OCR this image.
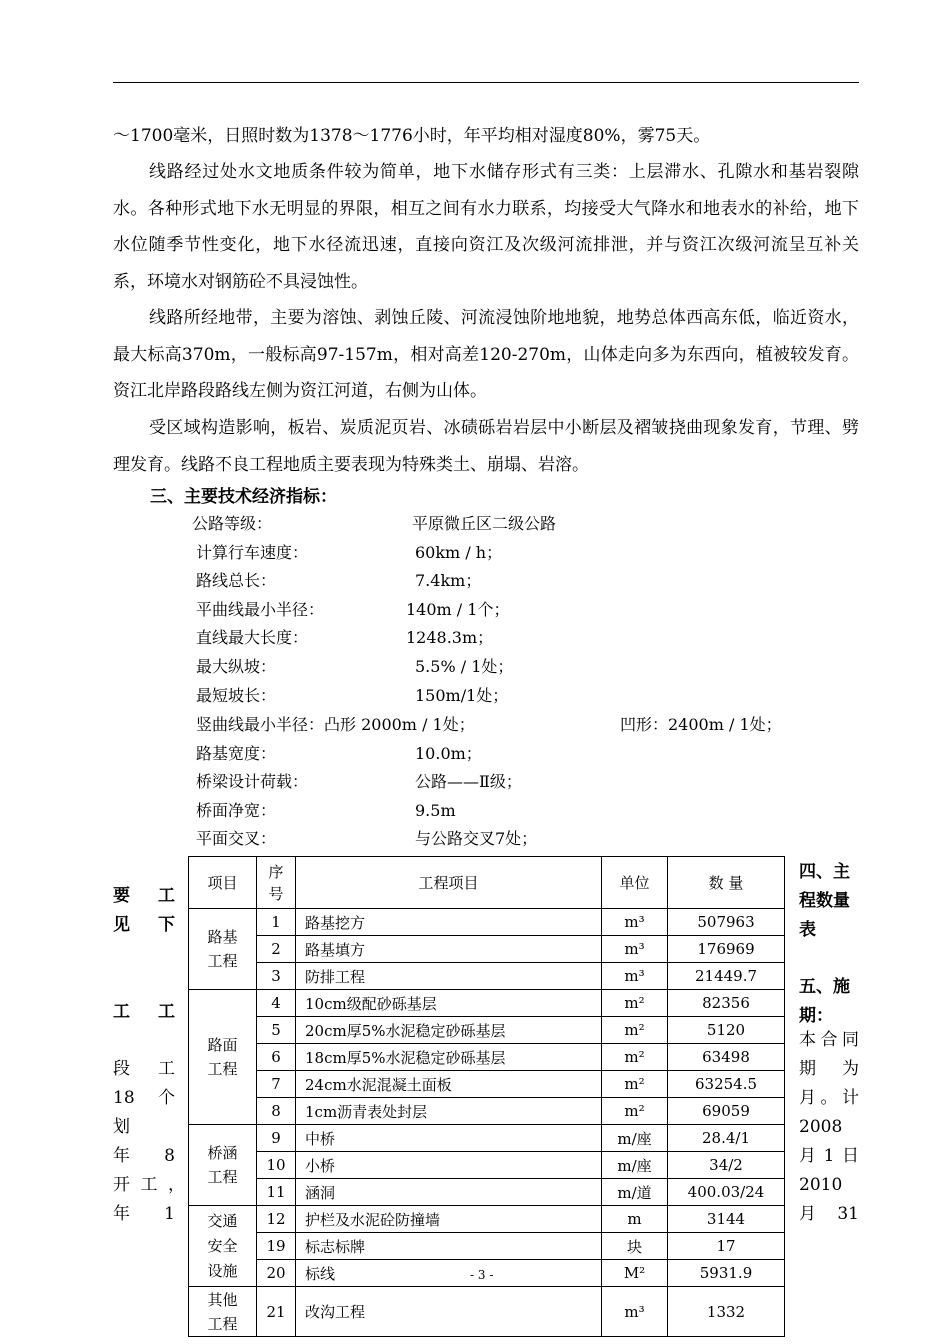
～1700毫米，日照时数为1378～1776小时，年平均相对湿度80%，雾75天。

线路经过处水文地质条件较为简单，地下水储存形式有三类：上层滞水、孔隙水和基岩裂隙水。各种形式地下水无明显的界限，相互之间有水力联系，均接受大气降水和地表水的补给，地下水位随季节性变化，地下水径流迅速，直接向资江及次级河流排泄，并与资江次级河流呈互补关系，环境水对钢筋砼不具浸蚀性。

线路所经地带，主要为溶蚀、剥蚀丘陵、河流浸蚀阶地地貌，地势总体西高东低，临近资水，最大标高370m，一般标高97-157m，相对高差120-270m，山体走向多为东西向，植被较发育。资江北岸路段路线左侧为资江河道，右侧为山体。

受区域构造影响，板岩、炭质泥页岩、冰碛砾岩岩层中小断层及褶皱挠曲现象发育，节理、劈理发育。线路不良工程地质主要表现为特殊类土、崩塌、岩溶。

三、主要技术经济指标：
公路等级：	平原微丘区二级公路
计算行车速度：	60km / h；
路线总长：	7.4km；
平曲线最小半径：	140m / 1个；
直线最大长度：	1248.3m；
最大纵坡：	5.5% / 1处；
最短坡长：	150m/1处；
竖曲线最小半径：凸形 2000m / 1处；	凹形：2400m / 1处；
路基宽度：	10.0m；
桥梁设计荷载：	公路——Ⅱ级；
桥面净宽：	9.5m
平面交叉：	与公路交叉7处；
要 工
见 下
工 工
段 工
18 个
划
年 8
开工，
年 1
四、主程数量表
五、施期：
本合同
期 为
月。计
2008
月1日
2010
月 31
项目	序号	工程项目	单位	数 量

路基工程	1	路基挖方	m³	507963
	2	路基填方	m³	176969
	3	防排工程	m³	21449.7

路面工程	4	10cm级配砂砾基层	m²	82356
	5	20cm厚5%水泥稳定砂砾基层	m²	5120
	6	18cm厚5%水泥稳定砂砾基层	m²	63498
	7	24cm水泥混凝土面板	m²	63254.5
	8	1cm沥青表处封层	m²	69059

桥涵工程	9	中桥	m/座	28.4/1
	10	小桥	m/座	34/2
	11	涵洞	m/道	400.03/24

交通安全设施	12	护栏及水泥砼防撞墙	m	3144
	19	标志标牌	块	17
	20	标线	M²	5931.9

其他工程	21	改沟工程	m³	1332
- 3 -
